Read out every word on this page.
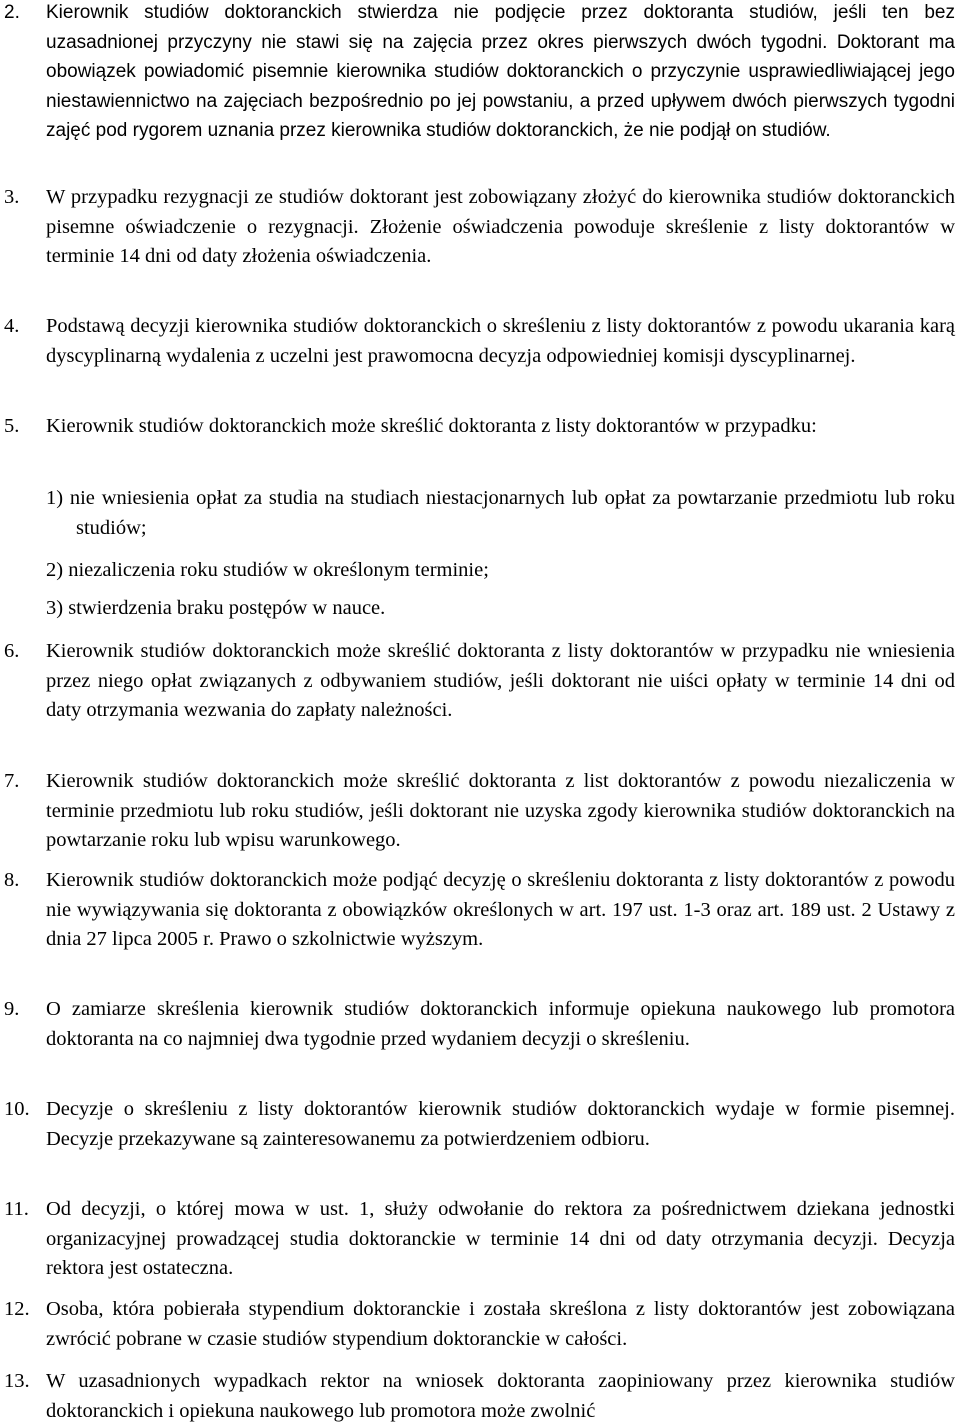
2.	Kierownik studiów doktoranckich stwierdza nie podjęcie przez doktoranta studiów, jeśli ten bez uzasadnionej przyczyny nie stawi się na zajęcia przez okres pierwszych dwóch tygodni. Doktorant ma obowiązek powiadomić pisemnie kierownika studiów doktoranckich o przyczynie usprawiedliwiającej jego niestawiennictwo na zajęciach bezpośrednio po jej powstaniu, a przed upływem dwóch pierwszych tygodni zajęć pod rygorem uznania przez kierownika studiów doktoranckich, że nie podjął on studiów.
3.	W przypadku rezygnacji ze studiów doktorant jest zobowiązany złożyć do kierownika studiów doktoranckich pisemne oświadczenie o rezygnacji. Złożenie oświadczenia powoduje skreślenie z listy doktorantów w terminie 14 dni od daty złożenia oświadczenia.
4.	Podstawą decyzji kierownika studiów doktoranckich o skreśleniu z listy doktorantów z powodu ukarania karą dyscyplinarną wydalenia z uczelni jest prawomocna decyzja odpowiedniej komisji dyscyplinarnej.
5.	Kierownik studiów doktoranckich może skreślić doktoranta z listy doktorantów w przypadku:
1) nie wniesienia opłat za studia na studiach niestacjonarnych lub opłat za powtarzanie przedmiotu lub roku studiów;
2) niezaliczenia roku studiów w określonym terminie;
3) stwierdzenia braku postępów w nauce.
6.	Kierownik studiów doktoranckich może skreślić doktoranta z listy doktorantów w przypadku nie wniesienia przez niego opłat związanych z odbywaniem studiów, jeśli doktorant nie uiści opłaty w terminie 14 dni od daty otrzymania wezwania do zapłaty należności.
7.	Kierownik studiów doktoranckich może skreślić doktoranta z list doktorantów z powodu niezaliczenia w terminie przedmiotu lub roku studiów, jeśli doktorant nie uzyska zgody kierownika studiów doktoranckich na powtarzanie roku lub wpisu warunkowego.
8.	Kierownik studiów doktoranckich może podjąć decyzję o skreśleniu doktoranta z listy doktorantów z powodu nie wywiązywania się doktoranta z obowiązków określonych w art. 197 ust. 1-3 oraz art. 189 ust. 2 Ustawy z dnia 27 lipca 2005 r. Prawo o szkolnictwie wyższym.
9.	O zamiarze skreślenia kierownik studiów doktoranckich informuje opiekuna naukowego lub promotora doktoranta na co najmniej dwa tygodnie przed wydaniem decyzji o skreśleniu.
10. Decyzje o skreśleniu z listy doktorantów kierownik studiów doktoranckich wydaje w formie pisemnej. Decyzje przekazywane są zainteresowanemu za potwierdzeniem odbioru.
11. Od decyzji, o której mowa w ust. 1, służy odwołanie do rektora za pośrednictwem dziekana jednostki organizacyjnej prowadzącej studia doktoranckie w terminie 14 dni od daty otrzymania decyzji. Decyzja rektora jest ostateczna.
12. Osoba, która pobierała stypendium doktoranckie i została skreślona z listy doktorantów jest zobowiązana zwrócić pobrane w czasie studiów stypendium doktoranckie w całości.
13. W uzasadnionych wypadkach rektor na wniosek doktoranta zaopiniowany przez kierownika studiów doktoranckich i opiekuna naukowego lub promotora może zwolnić
